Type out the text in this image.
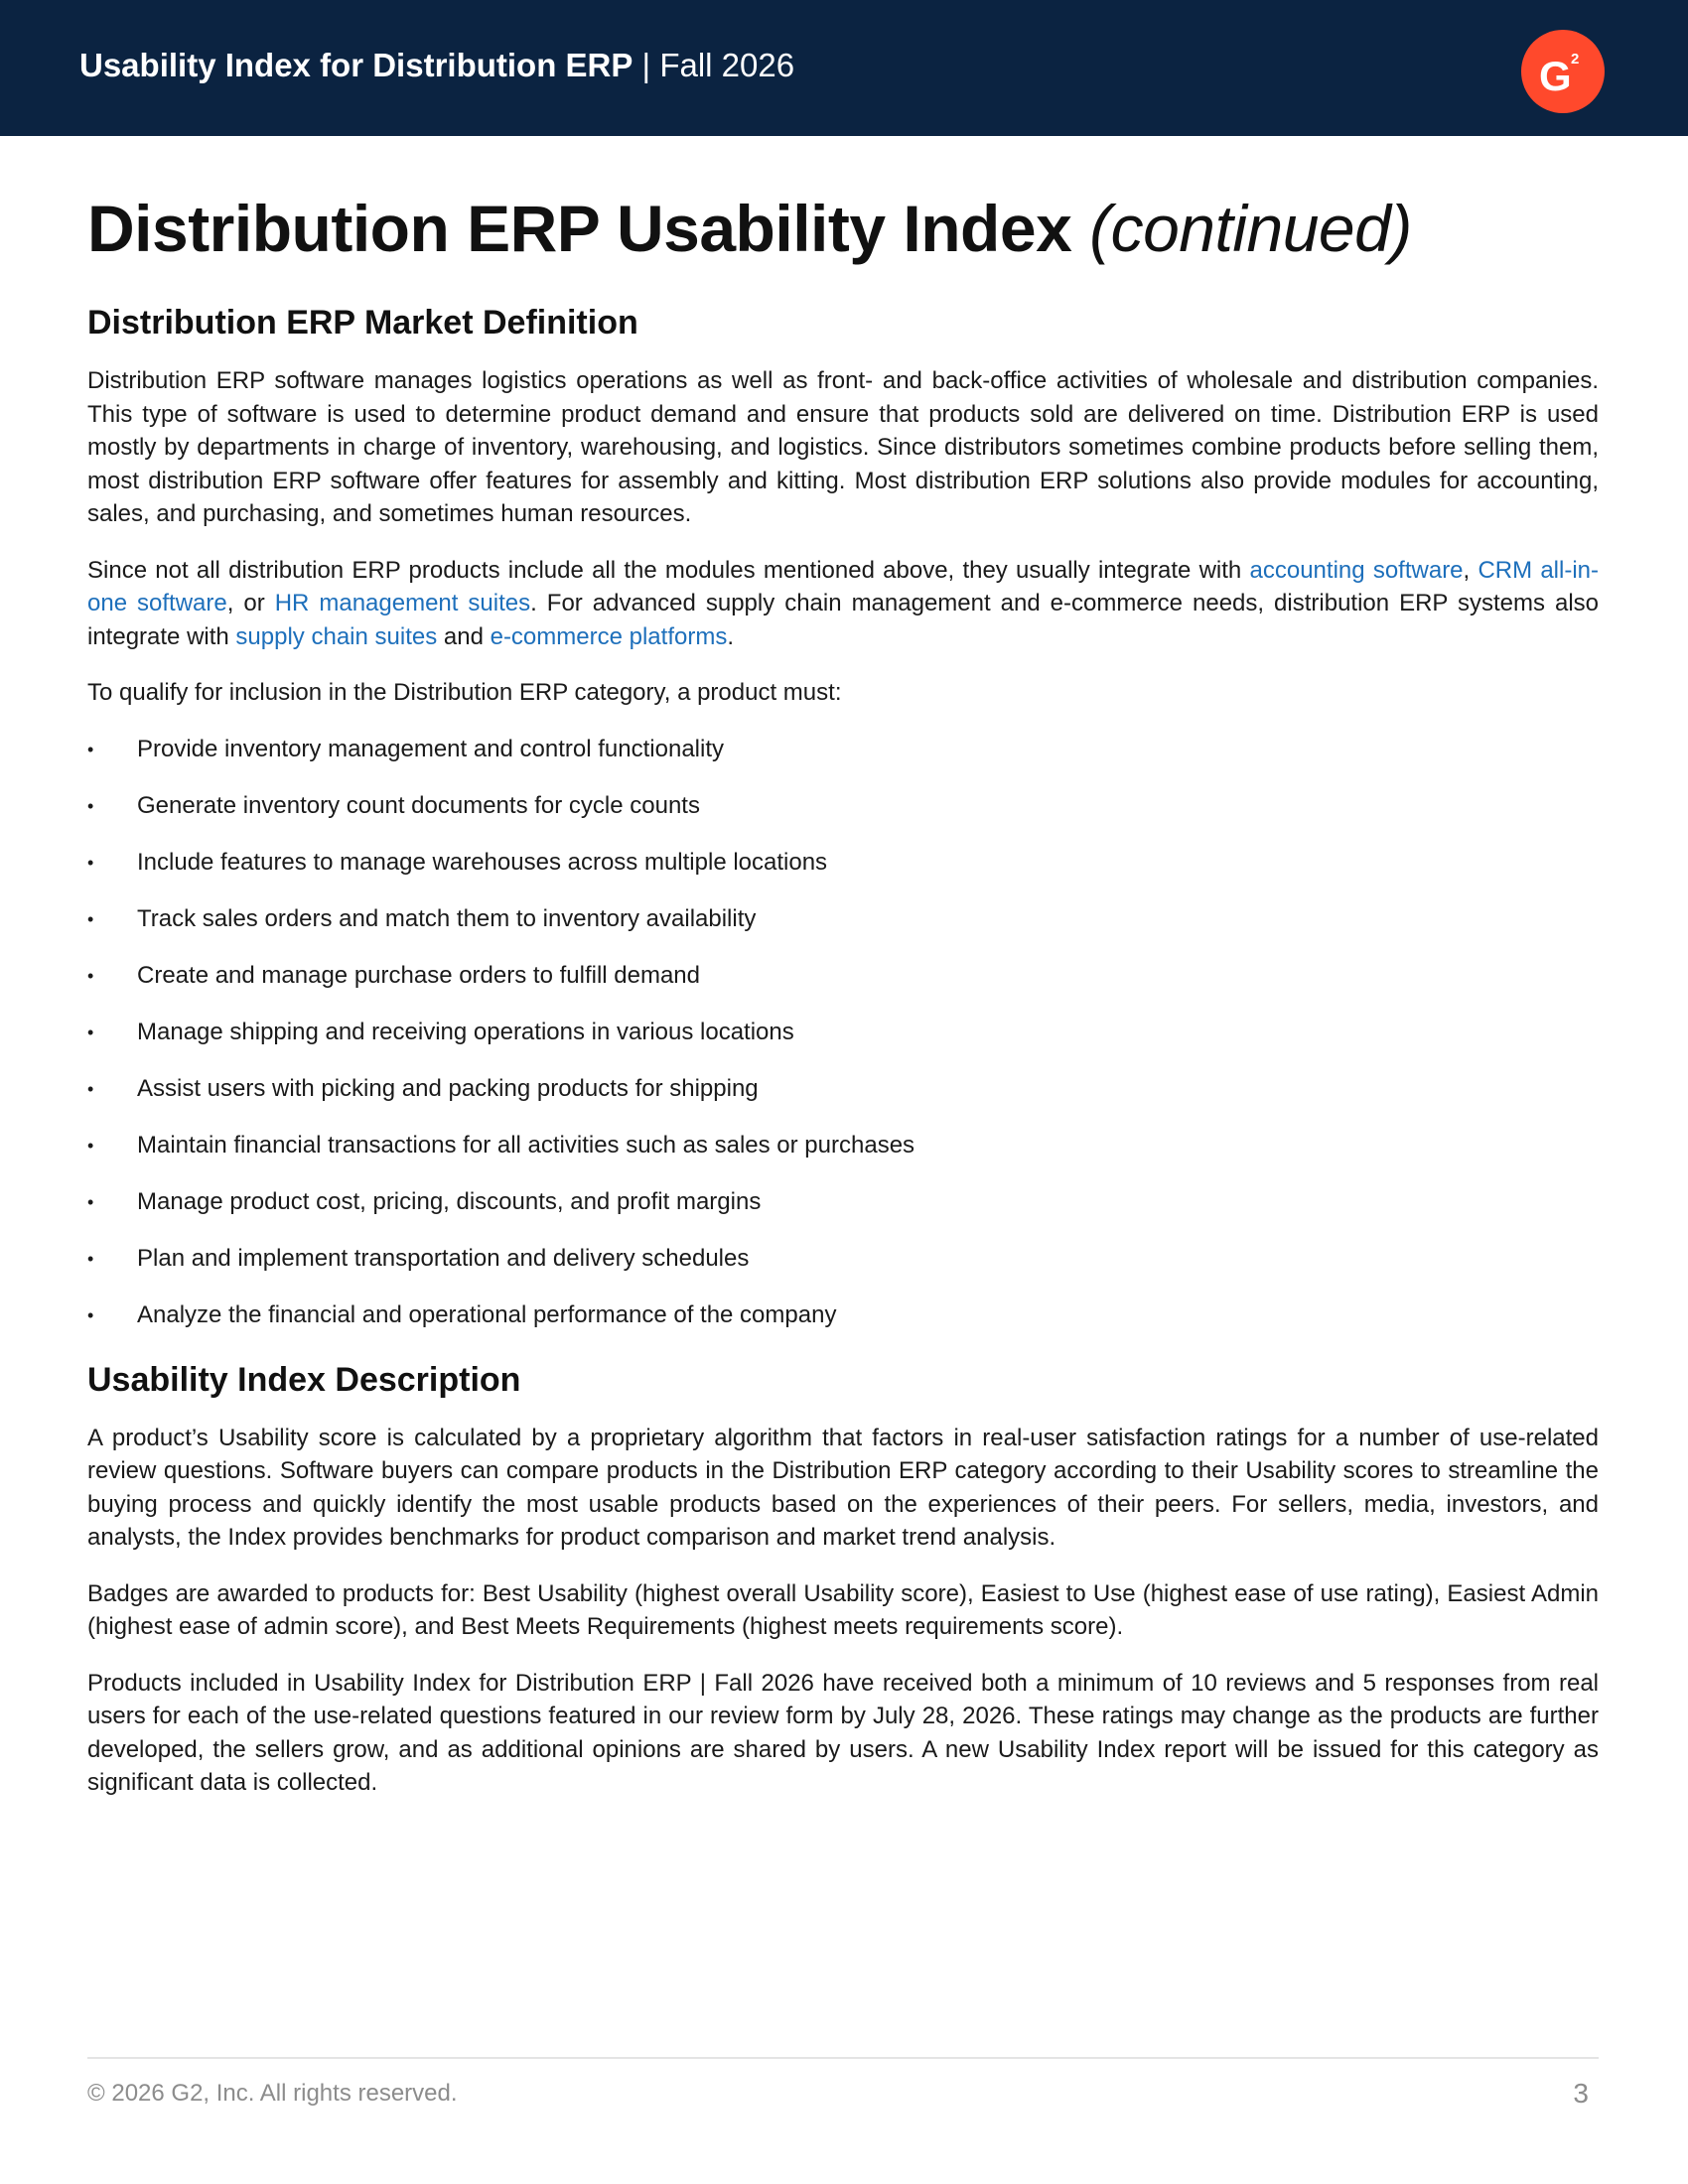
Usability Index for Distribution ERP | Fall 2026	2
G
Distribution ERP Usability Index (continued)
Distribution ERP Market Definition

Distribution ERP software manages logistics operations as well as front- and back-office activities of wholesale and distribution companies. This type of software is used to determine product demand and ensure that products sold are delivered on time. Distribution ERP is used mostly by departments in charge of inventory, warehousing, and logistics. Since distributors sometimes combine products before selling them, most distribution ERP software offer features for assembly and kitting. Most distribution ERP solutions also provide modules for accounting, sales, and purchasing, and sometimes human resources.

Since not all distribution ERP products include all the modules mentioned above, they usually integrate with accounting software, CRM all-in-one software, or HR management suites. For advanced supply chain management and e-commerce needs, distribution ERP systems also integrate with supply chain suites and e-commerce platforms.

To qualify for inclusion in the Distribution ERP category, a product must:

•	Provide inventory management and control functionality
•	Generate inventory count documents for cycle counts
•	Include features to manage warehouses across multiple locations
•	Track sales orders and match them to inventory availability
•	Create and manage purchase orders to fulfill demand
•	Manage shipping and receiving operations in various locations
•	Assist users with picking and packing products for shipping
•	Maintain financial transactions for all activities such as sales or purchases
•	Manage product cost, pricing, discounts, and profit margins
•	Plan and implement transportation and delivery schedules
•	Analyze the financial and operational performance of the company
Usability Index Description

A product’s Usability score is calculated by a proprietary algorithm that factors in real-user satisfaction ratings for a number of use-related review questions. Software buyers can compare products in the Distribution ERP category according to their Usability scores to streamline the buying process and quickly identify the most usable products based on the experiences of their peers. For sellers, media, investors, and analysts, the Index provides benchmarks for product comparison and market trend analysis.

Badges are awarded to products for: Best Usability (highest overall Usability score), Easiest to Use (highest ease of use rating), Easiest Admin (highest ease of admin score), and Best Meets Requirements (highest meets requirements score).

Products included in Usability Index for Distribution ERP | Fall 2026 have received both a minimum of 10 reviews and 5 responses from real users for each of the use-related questions featured in our review form by July 28, 2026. These ratings may change as the products are further developed, the sellers grow, and as additional opinions are shared by users. A new Usability Index report will be issued for this category as significant data is collected.

© 2026 G2, Inc. All rights reserved.	3
